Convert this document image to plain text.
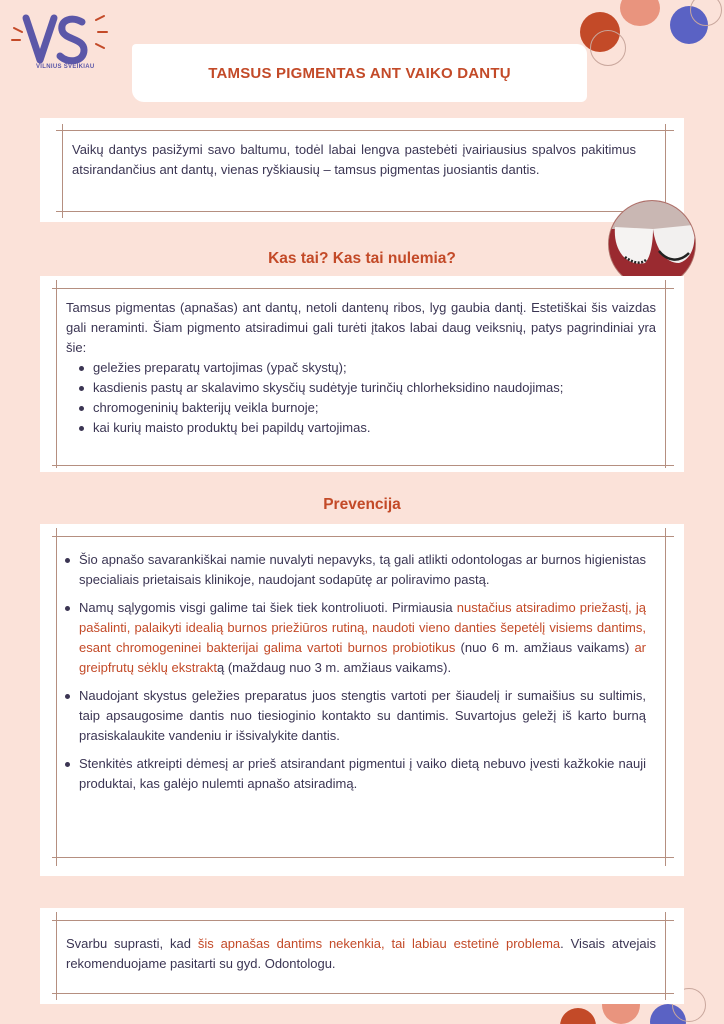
VILNIUS SVEIKIAU	TAMSUS PIGMENTAS ANT VAIKO DANTŲ

Vaikų dantys pasižymi savo baltumu, todėl labai lengva pastebėti įvairiausius spalvos pakitimus atsirandančius ant dantų, vienas ryškiausių – tamsus pigmentas juosiantis dantis.

Kas tai? Kas tai nulemia?

Tamsus pigmentas (apnašas) ant dantų, netoli dantenų ribos, lyg gaubia dantį. Estetiškai šis vaizdas gali neraminti. Šiam pigmento atsiradimui gali turėti įtakos labai daug veiksnių, patys pagrindiniai yra šie:

geležies preparatų vartojimas (ypač skystų);
kasdienis pastų ar skalavimo skysčių sudėtyje turinčių chlorheksidino naudojimas;
chromogeninių bakterijų veikla burnoje;
kai kurių maisto produktų bei papildų vartojimas.
Prevencija

Šio apnašo savarankiškai namie nuvalyti nepavyks, tą gali atlikti odontologas ar burnos higienistas specialiais prietaisais klinikoje, naudojant sodapūtę ar poliravimo pastą.

Namų sąlygomis visgi galime tai šiek tiek kontroliuoti. Pirmiausia nustačius atsiradimo priežastį, ją pašalinti, palaikyti idealią burnos priežiūros rutiną, naudoti vieno danties šepetėlį visiems dantims, esant chromogeninei bakterijai galima vartoti burnos probiotikus (nuo 6 m. amžiaus vaikams) ar greipfrutų sėklų ekstraktą (maždaug nuo 3 m. amžiaus vaikams).

Naudojant skystus geležies preparatus juos stengtis vartoti per šiaudelį ir sumaišius su sultimis, taip apsaugosime dantis nuo tiesioginio kontakto su dantimis. Suvartojus geležį iš karto burną prasiskalaukite vandeniu ir išsivalykite dantis.

Stenkitės atkreipti dėmesį ar prieš atsirandant pigmentui į vaiko dietą nebuvo įvesti kažkokie nauji produktai, kas galėjo nulemti apnašo atsiradimą.

Svarbu suprasti, kad šis apnašas dantims nekenkia, tai labiau estetinė problema. Visais atvejais rekomenduojame pasitarti su gyd. Odontologu.
